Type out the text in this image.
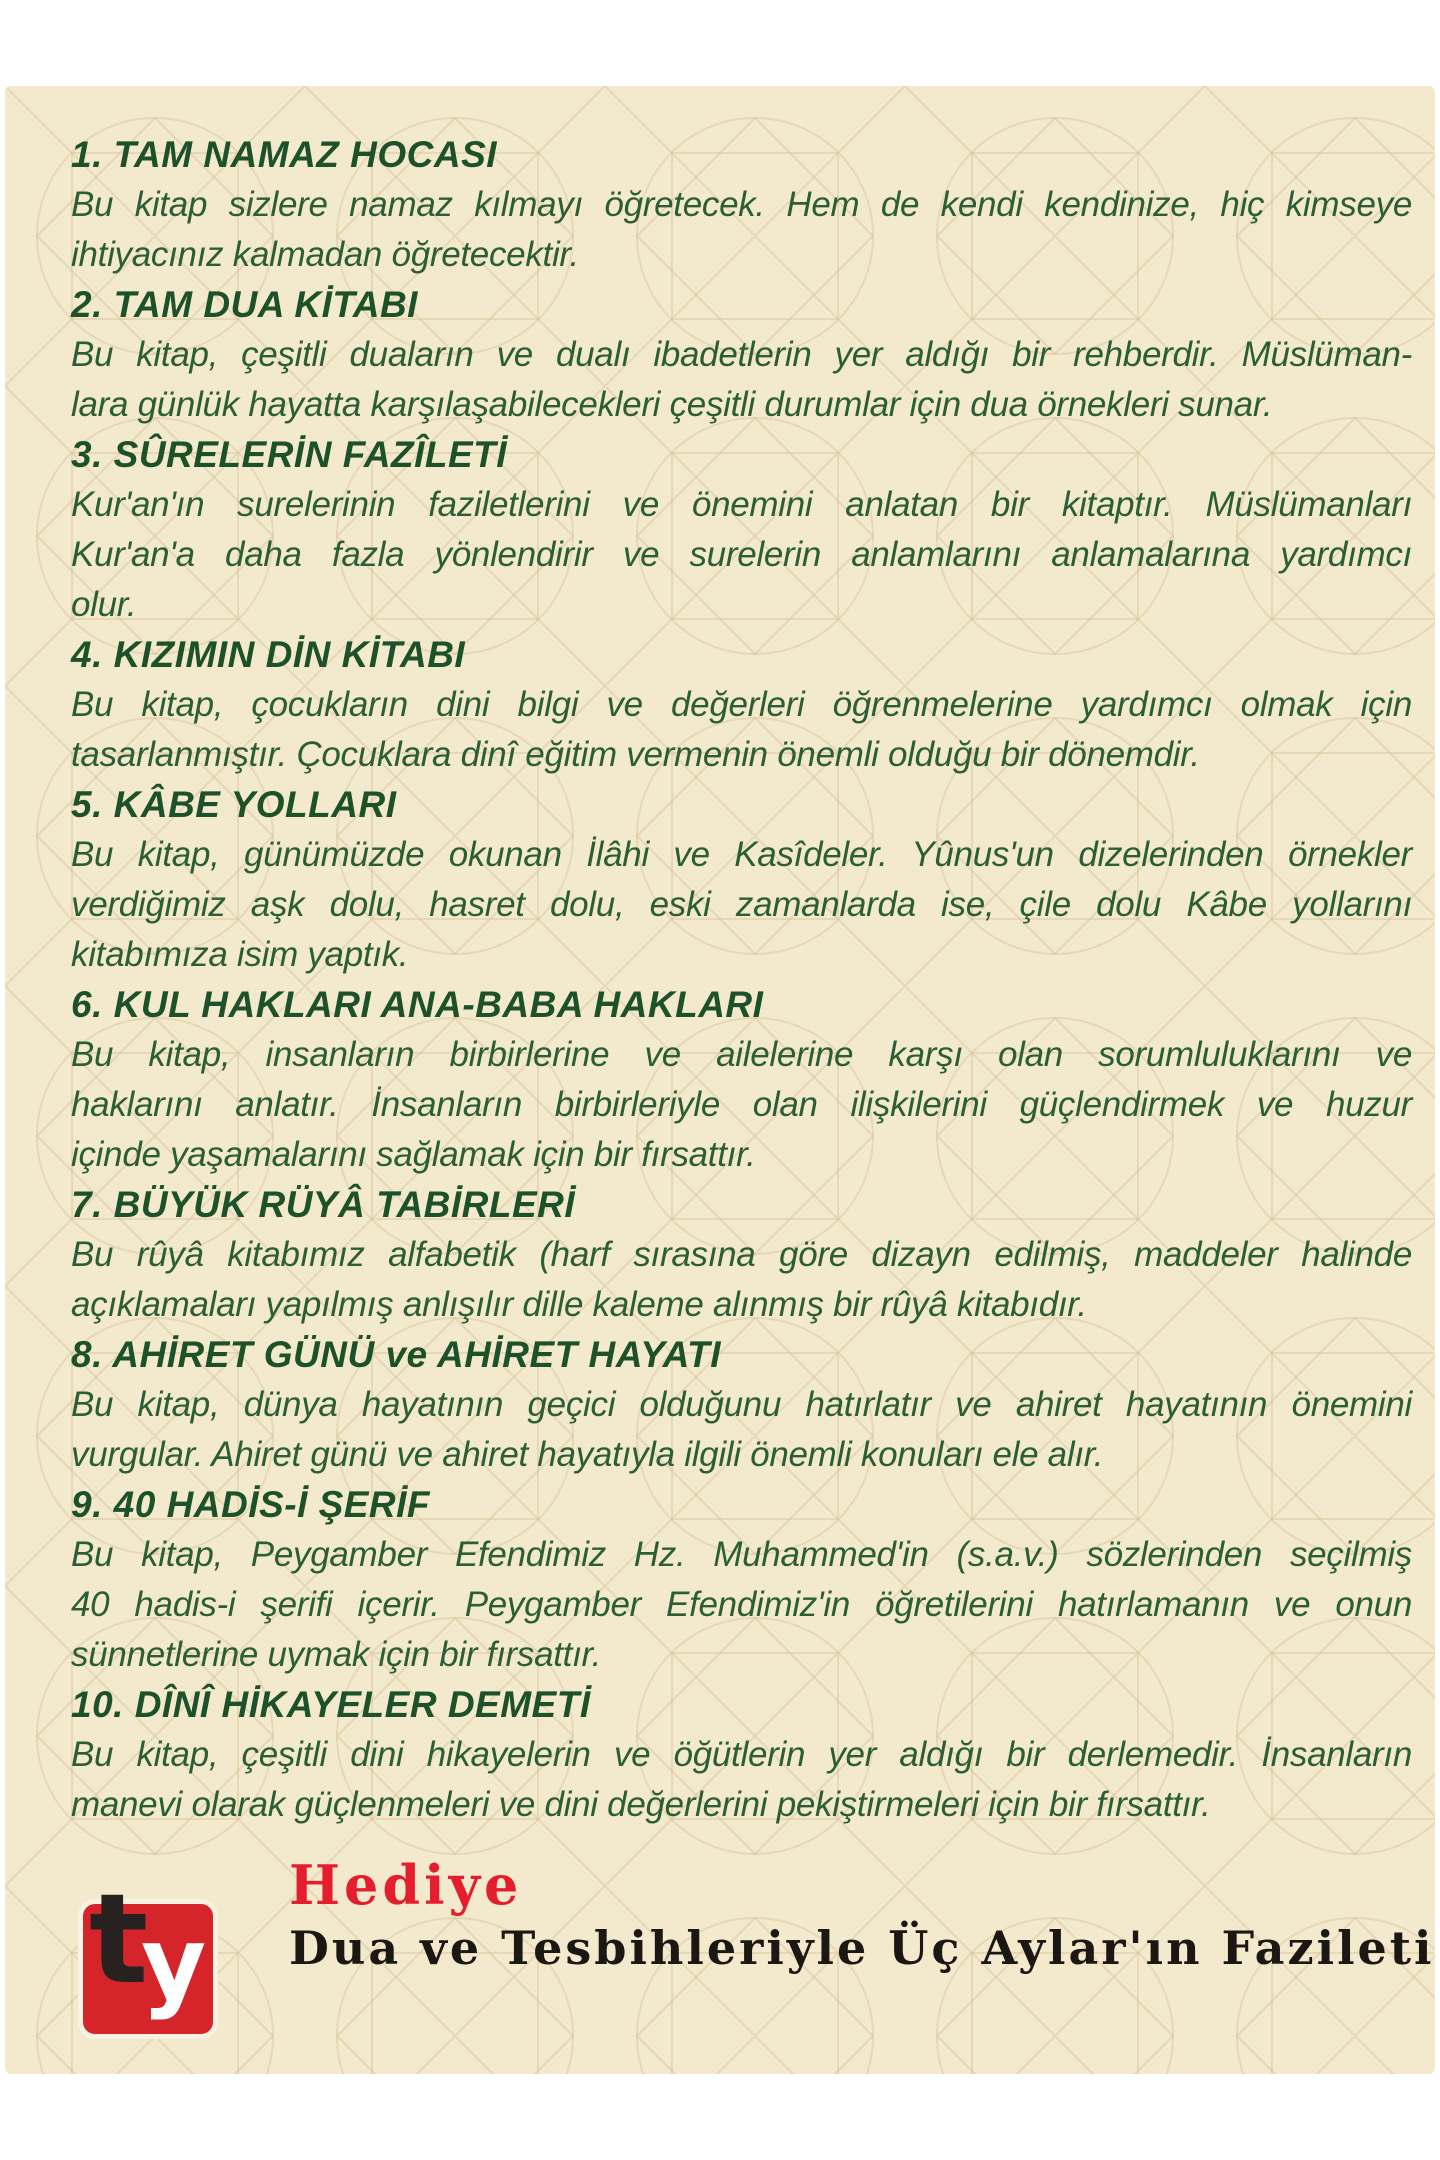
1. TAM NAMAZ HOCASI

Bu kitap sizlere namaz kılmayı öğretecek. Hem de kendi kendinize, hiç kimseye

ihtiyacınız kalmadan öğretecektir.

2. TAM DUA KİTABI

Bu kitap, çeşitli duaların ve dualı ibadetlerin yer aldığı bir rehberdir. Müslüman-

lara günlük hayatta karşılaşabilecekleri çeşitli durumlar için dua örnekleri sunar.

3. SÛRELERİN FAZÎLETİ

Kur'an'ın surelerinin faziletlerini ve önemini anlatan bir kitaptır. Müslümanları

Kur'an'a daha fazla yönlendirir ve surelerin anlamlarını anlamalarına yardımcı

olur.

4. KIZIMIN DİN KİTABI

Bu kitap, çocukların dini bilgi ve değerleri öğrenmelerine yardımcı olmak için

tasarlanmıştır. Çocuklara dinî eğitim vermenin önemli olduğu bir dönemdir.

5. KÂBE YOLLARI

Bu kitap, günümüzde okunan İlâhi ve Kasîdeler. Yûnus'un dizelerinden örnekler

verdiğimiz aşk dolu, hasret dolu, eski zamanlarda ise, çile dolu Kâbe yollarını

kitabımıza isim yaptık.

6. KUL HAKLARI ANA-BABA HAKLARI

Bu kitap, insanların birbirlerine ve ailelerine karşı olan sorumluluklarını ve

haklarını anlatır. İnsanların birbirleriyle olan ilişkilerini güçlendirmek ve huzur

içinde yaşamalarını sağlamak için bir fırsattır.

7. BÜYÜK RÜYÂ TABİRLERİ

Bu rûyâ kitabımız alfabetik (harf sırasına göre dizayn edilmiş, maddeler halinde

açıklamaları yapılmış anlışılır dille kaleme alınmış bir rûyâ kitabıdır.

8. AHİRET GÜNÜ ve AHİRET HAYATI

Bu kitap, dünya hayatının geçici olduğunu hatırlatır ve ahiret hayatının önemini

vurgular. Ahiret günü ve ahiret hayatıyla ilgili önemli konuları ele alır.

9. 40 HADİS-İ ŞERİF

Bu kitap, Peygamber Efendimiz Hz. Muhammed'in (s.a.v.) sözlerinden seçilmiş

40 hadis-i şerifi içerir. Peygamber Efendimiz'in öğretilerini hatırlamanın ve onun

sünnetlerine uymak için bir fırsattır.

10. DÎNÎ HİKAYELER DEMETİ

Bu kitap, çeşitli dini hikayelerin ve öğütlerin yer aldığı bir derlemedir. İnsanların

manevi olarak güçlenmeleri ve dini değerlerini pekiştirmeleri için bir fırsattır.

t
y
Hediye
Dua ve Tesbihleriyle Üç Aylar'ın Fazileti
